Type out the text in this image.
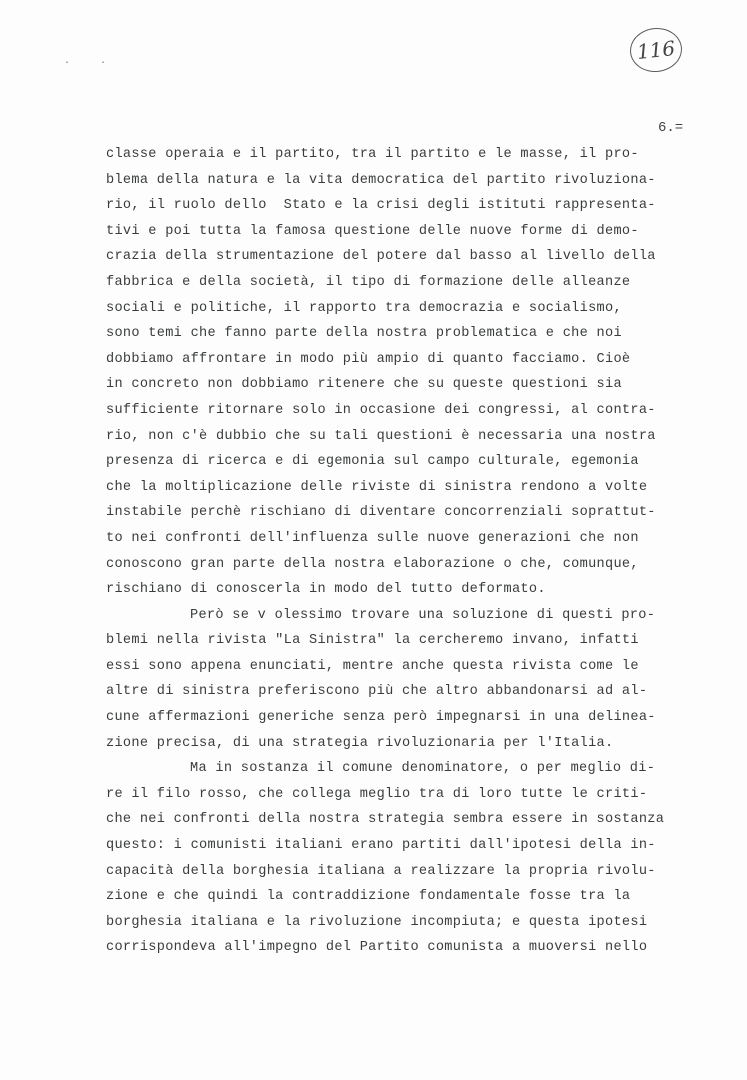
116
· ·
6.=
classe operaia e il partito, tra il partito e le masse, il pro-
blema della natura e la vita democratica del partito rivoluziona-
rio, il ruolo dello  Stato e la crisi degli istituti rappresenta-
tivi e poi tutta la famosa questione delle nuove forme di demo-
crazia della strumentazione del potere dal basso al livello della
fabbrica e della società, il tipo di formazione delle alleanze
sociali e politiche, il rapporto tra democrazia e socialismo,
sono temi che fanno parte della nostra problematica e che noi
dobbiamo affrontare in modo più ampio di quanto facciamo. Cioè
in concreto non dobbiamo ritenere che su queste questioni sia
sufficiente ritornare solo in occasione dei congressi, al contra-
rio, non c'è dubbio che su tali questioni è necessaria una nostra
presenza di ricerca e di egemonia sul campo culturale, egemonia
che la moltiplicazione delle riviste di sinistra rendono a volte
instabile perchè rischiano di diventare concorrenziali soprattut-
to nei confronti dell'influenza sulle nuove generazioni che non
conoscono gran parte della nostra elaborazione o che, comunque,
rischiano di conoscerla in modo del tutto deformato.
Però se v olessimo trovare una soluzione di questi pro-
blemi nella rivista "La Sinistra" la cercheremo invano, infatti
essi sono appena enunciati, mentre anche questa rivista come le
altre di sinistra preferiscono più che altro abbandonarsi ad al-
cune affermazioni generiche senza però impegnarsi in una delinea-
zione precisa, di una strategia rivoluzionaria per l'Italia.
Ma in sostanza il comune denominatore, o per meglio di-
re il filo rosso, che collega meglio tra di loro tutte le criti-
che nei confronti della nostra strategia sembra essere in sostanza
questo: i comunisti italiani erano partiti dall'ipotesi della in-
capacità della borghesia italiana a realizzare la propria rivolu-
zione e che quindi la contraddizione fondamentale fosse tra la
borghesia italiana e la rivoluzione incompiuta; e questa ipotesi
corrispondeva all'impegno del Partito comunista a muoversi nello
